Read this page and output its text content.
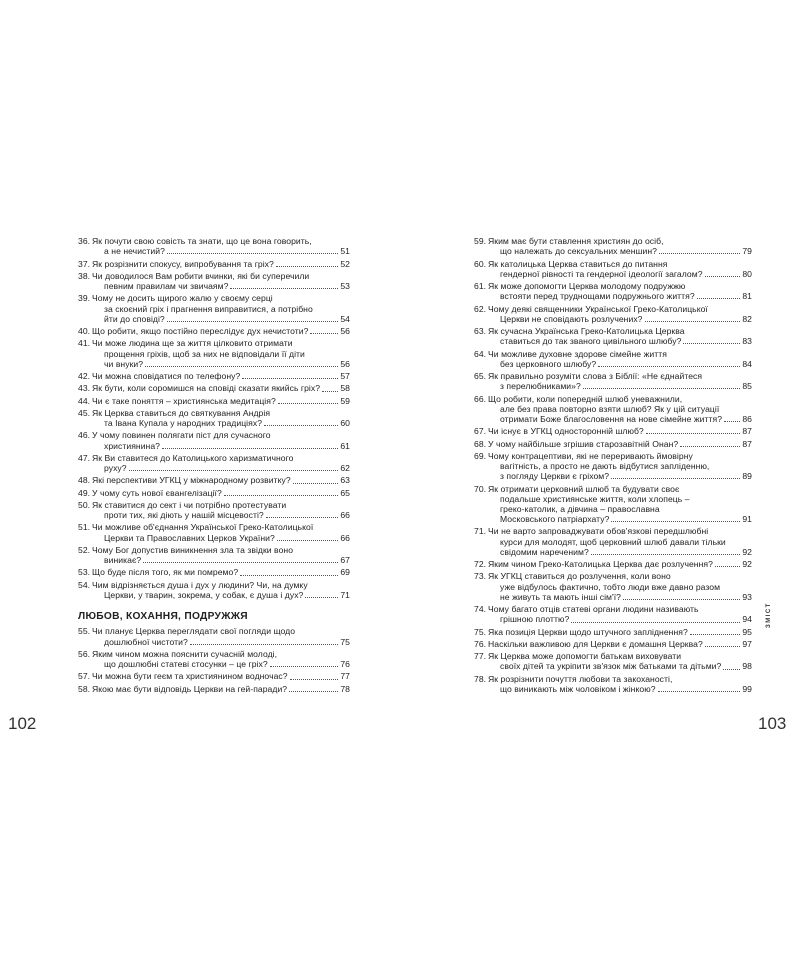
36. Як почути свою совість та знати, що це вона говорить,
а не нечистий?	51
37. Як розрізнити спокусу, випробування та гріх?	52
38. Чи доводилося Вам робити вчинки, які би суперечили
певним правилам чи звичаям?	53
39. Чому не досить щирого жалю у своєму серці
за скоєний гріх і прагнення виправитися, а потрібно
йти до сповіді?	54
40. Що робити, якщо постійно переслідує дух нечистоти?	56
41. Чи може людина ще за життя цілковито отримати
прощення гріхів, щоб за них не відповідали її діти
чи внуки?	56
42. Чи можна сповідатися по телефону?	57
43. Як бути, коли соромишся на сповіді сказати якийсь гріх? 58
44. Чи є таке поняття – християнська медитація?	59
45. Як Церква ставиться до святкування Андрія
та Івана Купала у народних традиціях?	60
46. У чому повинен полягати піст для сучасного
християнина?	61
47. Як Ви ставитеся до Католицького харизматичного
руху?	62
48. Які перспективи УГКЦ у міжнародному розвитку?	63
49. У чому суть нової євангелізації?	65
50. Як ставитися до сект і чи потрібно протестувати
проти тих, які діють у нашій місцевості?	66
51. Чи можливе об'єднання Української Греко-Католицької
Церкви та Православних Церков України?	66
52. Чому Бог допустив виникнення зла та звідки воно
виникає?	67
53. Що буде після того, як ми помремо?	69
54. Чим відрізняється душа і дух у людини? Чи, на думку
Церкви, у тварин, зокрема, у собак, є душа і дух?	71
ЛЮБОВ, КОХАННЯ, ПОДРУЖЖЯ
55. Чи планує Церква переглядати свої погляди щодо
дошлюбної чистоти?	75
56. Яким чином можна пояснити сучасній молоді,
що дошлюбні статеві стосунки – це гріх?	76
57. Чи можна бути геєм та християнином водночас?	77
58. Якою має бути відповідь Церкви на гей-паради?	78
59. Яким має бути ставлення християн до осіб,
що належать до сексуальних меншин?	79
60. Як католицька Церква ставиться до питання
гендерної рівності та гендерної ідеології загалом?	80
61. Як може допомогти Церква молодому подружжю
встояти перед труднощами подружнього життя?	81
62. Чому деякі священники Української Греко-Католицької
Церкви не сповідають розлучених?	82
63. Як сучасна Українська Греко-Католицька Церква
ставиться до так званого цивільного шлюбу?	83
64. Чи можливе духовне здорове сімейне життя
без церковного шлюбу?	84
65. Як правильно розуміти слова з Біблії: «Не єднайтеся
з перелюбниками»?	85
66. Що робити, коли попередній шлюб уневажнили,
але без права повторно взяти шлюб? Як у цій ситуації
отримати Боже благословення на нове сімейне життя? 86
67. Чи існує в УГКЦ односторонній шлюб?	87
68. У чому найбільше згрішив старозавітній Онан?	87
69. Чому контрацептиви, які не переривають ймовірну
вагітність, а просто не дають відбутися запліденню,
з погляду Церкви є гріхом?	89
70. Як отримати церковний шлюб та будувати своє
подальше християнське життя, коли хлопець –
греко-католик, а дівчина – православна
Московського патріархату?	91
71. Чи не варто запроваджувати обов'язкові передшлюбні
курси для молодят, щоб церковний шлюб давали тільки
свідомим нареченим?	92
72. Яким чином Греко-Католицька Церква дає розлучення?	92
73. Як УГКЦ ставиться до розлучення, коли воно
уже відбулось фактично, тобто люди вже давно разом
не живуть та мають інші сім'ї?	93
74. Чому багато отців статеві органи людини називають
грішною плоттю?	94
75. Яка позиція Церкви щодо штучного запліднення?	95
76. Наскільки важливою для Церкви є домашня Церква?	97
77. Як Церква може допомогти батькам виховувати
своїх дітей та укріпити зв'язок між батьками та дітьми? 98
78. Як розрізнити почуття любови та закоханості,
що виникають між чоловіком і жінкою?	99
102	103
ЗМІСТ
